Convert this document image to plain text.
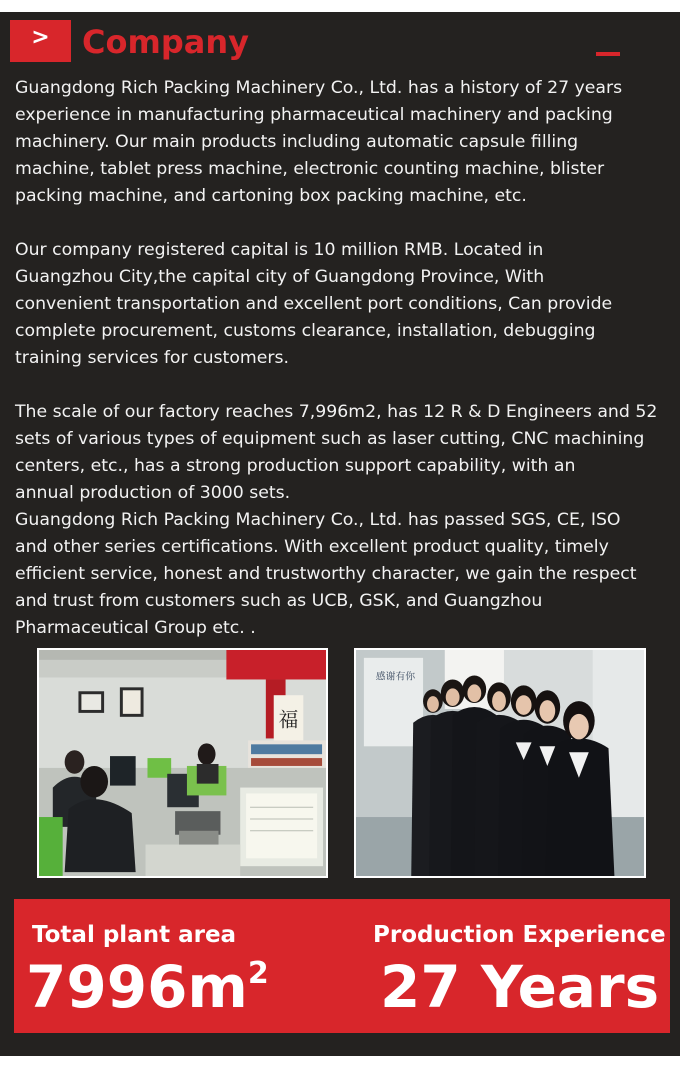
>	Company

Guangdong Rich Packing Machinery Co., Ltd. has a history of 27 years
experience in manufacturing pharmaceutical machinery and packing
machinery. Our main products including automatic capsule filling
machine, tablet press machine, electronic counting machine, blister
packing machine, and cartoning box packing machine, etc.

Our company registered capital is 10 million RMB. Located in
Guangzhou City,the capital city of Guangdong Province, With
convenient transportation and excellent port conditions, Can provide
complete procurement, customs clearance, installation, debugging
training services for customers.

The scale of our factory reaches 7,996m2, has 12 R & D Engineers and 52
sets of various types of equipment such as laser cutting, CNC machining
centers, etc., has a strong production support capability, with an
annual production of 3000 sets.

Guangdong Rich Packing Machinery Co., Ltd. has passed SGS, CE, ISO
and other series certifications. With excellent product quality, timely
efficient service, honest and trustworthy character, we gain the respect
and trust from customers such as UCB, GSK, and Guangzhou
Pharmaceutical Group etc. .

福
感谢有你
Total plant area
$7996m^2$
Production Experience
27 Years
